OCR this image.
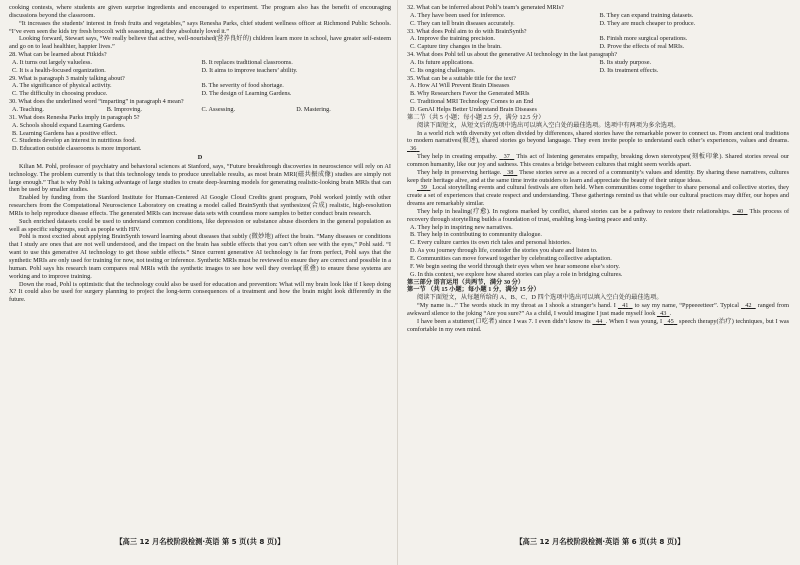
cooking contests, where students are given surprise ingredients and encouraged to experiment. The program also has the benefit of encouraging discussions beyond the classroom.

“It increases the students’ interest in fresh fruits and vegetables,” says Renesha Parks, chief student wellness officer at Richmond Public Schools. “I’ve even seen the kids try fresh broccoli with seasoning, and they absolutely loved it.”

Looking forward, Stewart says, “We really believe that active, well-nourished(营养良好的) children learn more in school, have greater self-esteem and go on to lead healthier, happier lives.”

28. What can be learned about Fitkids?

A. It turns out largely valueless.	B. It replaces traditional classrooms.
C. It is a health-focused organization.	D. It aims to improve teachers’ ability.

29. What is paragraph 3 mainly talking about?

A. The significance of physical activity.	B. The severity of food shortage.
C. The difficulty in choosing produce.	D. The design of Learning Gardens.

30. What does the underlined word “imparting” in paragraph 4 mean?

A. Teaching.	B. Improving.	C. Assessing.	D. Mastering.

31. What does Renesha Parks imply in paragraph 5?

A. Schools should expand Learning Gardens.

B. Learning Gardens has a positive effect.

C. Students develop an interest in nutritious food.

D. Education outside classrooms is more important.

D

Kilian M. Pohl, professor of psychiatry and behavioral sciences at Stanford, says, “Future breakthrough discoveries in neuroscience will rely on AI technology. The problem currently is that this technology tends to produce unreliable results, as most brain MRI(磁共振成像) studies are simply not large enough.” That is why Pohl is taking advantage of large studies to create deep-learning models for generating realistic-looking brain MRIs that can then be used by smaller studies.

Enabled by funding from the Stanford Institute for Human-Centered AI Google Cloud Credits grant program, Pohl worked jointly with other researchers from the Computational Neuroscience Laboratory on creating a model called BrainSynth that synthesizes(合成) realistic, high-resolution MRIs to help reproduce disease effects. The generated MRIs can increase data sets with countless more samples to better conduct brain research.

Such enriched datasets could be used to understand common conditions, like depression or substance abuse disorders in the general population as well as specific subgroups, such as people with HIV.

Pohl is most excited about applying BrainSynth toward learning about diseases that subtly (微妙地) affect the brain. “Many diseases or conditions that I study are ones that are not well understood, and the impact on the brain has subtle effects that you can’t often see with the eyes,” Pohl said. “I want to use this generative AI technology to get those subtle effects.” Since current generative AI technology is far from perfect, Pohl says that the synthetic MRIs are only used for training for now, not testing or inference. Synthetic MRIs must be reviewed to ensure they are correct and possible in a human. Pohl says his research team compares real MRIs with the synthetic images to see how well they overlap(重叠) to ensure these systems are working and to improve training.

Down the road, Pohl is optimistic that the technology could also be used for education and prevention: What will my brain look like if I keep doing X? It could also be used for surgery planning to project the long-term consequences of a treatment and how the brain might look differently in the future.

【高三 12 月名校阶段检测·英语 第 5 页(共 8 页)】

32. What can be inferred about Pohl’s team’s generated MRIs?

A. They have been used for inference.	B. They can expand training datasets.
C. They can tell brain diseases accurately.	D. They are much cheaper to produce.

33. What does Pohl aim to do with BrainSynth?

A. Improve the training precision.	B. Finish more surgical operations.
C. Capture tiny changes in the brain.	D. Prove the effects of real MRIs.

34. What does Pohl tell us about the generative AI technology in the last paragraph?

A. Its future applications.	B. Its study purpose.
C. Its ongoing challenges.	D. Its treatment effects.

35. What can be a suitable title for the text?

A. How AI Will Prevent Brain Diseases

B. Why Researchers Favor the Generated MRIs

C. Traditional MRI Technology Comes to an End

D. GenAI Helps Better Understand Brain Diseases

第二节（共 5 小题；每小题 2.5 分，满分 12.5 分）

阅读下面短文，从短文后的选项中选出可以填入空白处的最佳选项。选项中有两项为多余选项。

In a world rich with diversity yet often divided by differences, shared stories have the remarkable power to connect us. From ancient oral traditions to modern narratives(叙述), shared stories go beyond language. They even invite people to understand each other’s experiences, values and dreams.   36

They help in creating empathy. 37 This act of listening generates empathy, breaking down stereotypes(刻板印象). Shared stories reveal our common humanity, like our joy and sadness. This creates a bridge between cultures that might seem worlds apart.

They help in preserving heritage. 38 These stories serve as a record of a community’s values and identity. By sharing these narratives, cultures keep their heritage alive, and at the same time invite outsiders to learn and appreciate the beauty of their unique ideas.

39 Local storytelling events and cultural festivals are often held. When communities come together to share personal and collective stories, they create a set of experiences that create respect and understanding. These gatherings remind us that while our cultural practices may differ, our hopes and dreams are remarkably similar.

They help in healing(疗愈). In regions marked by conflict, shared stories can be a pathway to restore their relationships. 40 This process of recovery through storytelling builds a foundation of trust, enabling long-lasting peace and unity.

A. They help in inspiring new narratives.

B. They help in contributing to community dialogue.

C. Every culture carries its own rich tales and personal histories.

D. As you journey through life, consider the stories you share and listen to.

E. Communities can move forward together by celebrating collective adaptation.

F. We begin seeing the world through their eyes when we hear someone else’s story.

G. In this context, we explore how shared stories can play a role in bridging cultures.

第三部分 语言运用（共两节，满分 30 分）

第一节 （共 15 小题；每小题 1 分，满分 15 分）

阅读下面短文，从每题所给的 A、B、C、D 四个选项中选出可以填入空白处的最佳选项。

“My name is...” The words stuck in my throat as I shook a stranger’s hand. I 41 to say my name, “Pppeeeetteer”. Typical 42 ranged from awkward silence to the joking “Are you sure?” As a child, I would imagine I just made myself look 43 .

I have been a stutterer(口吃者) since I was 7. I even didn’t know its 44 . When I was young, I 45 speech therapy(治疗) techniques, but I was comfortable in my own mind.

【高三 12 月名校阶段检测·英语 第 6 页(共 8 页)】
